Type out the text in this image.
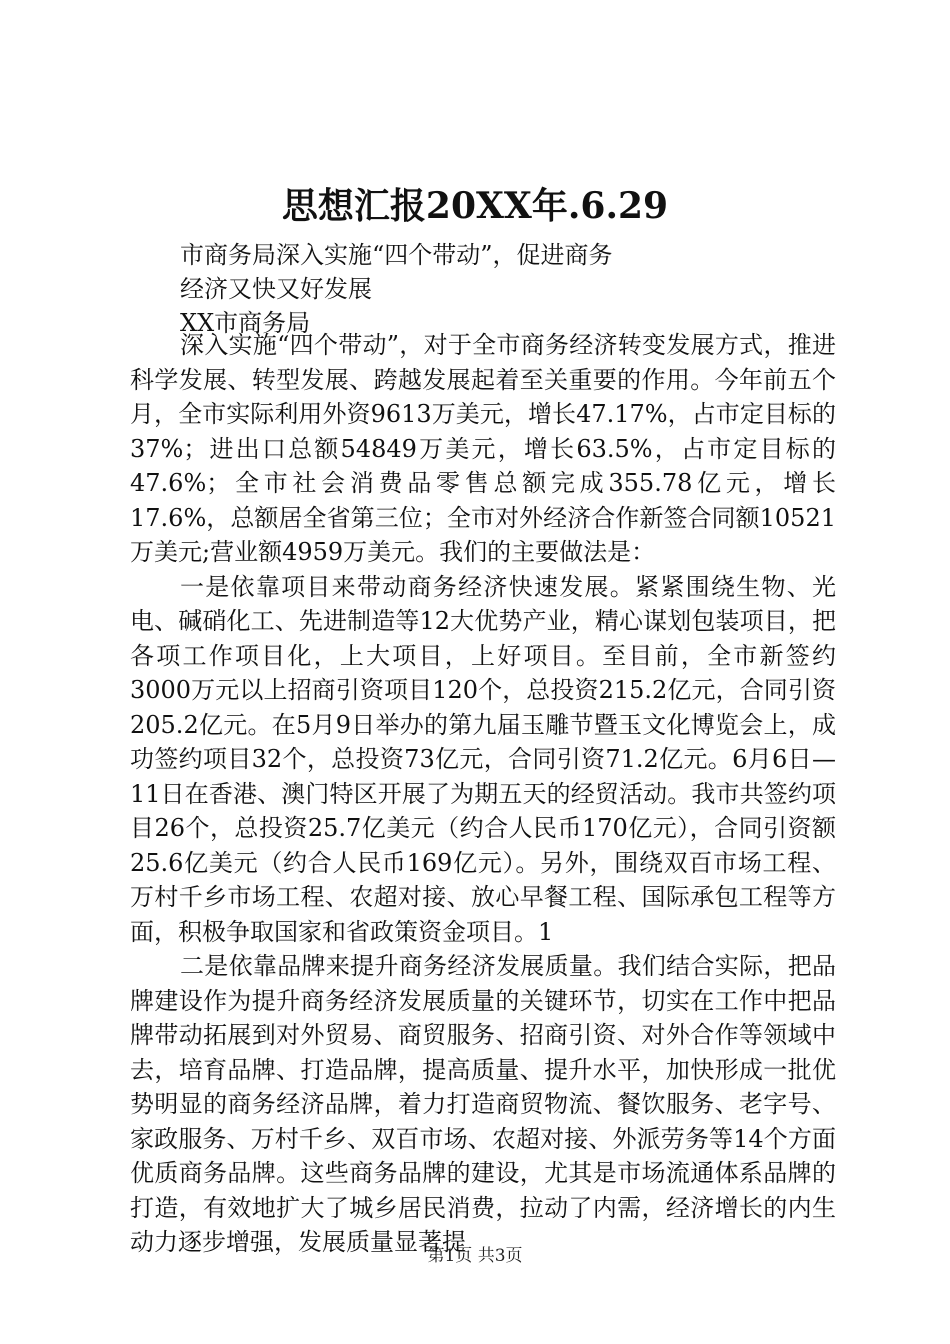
思想汇报20XX年.6.29
市商务局深入实施“四个带动”，促进商务
经济又快又好发展
XX市商务局

深入实施“四个带动”，对于全市商务经济转变发展方式，推进科学发展、转型发展、跨越发展起着至关重要的作用。今年前五个月，全市实际利用外资9613万美元，增长47.17%，占市定目标的37%；进出口总额54849万美元，增长63.5%，占市定目标的47.6%；全市社会消费品零售总额完成355.78亿元，增长17.6%，总额居全省第三位；全市对外经济合作新签合同额10521万美元;营业额4959万美元。我们的主要做法是：

一是依靠项目来带动商务经济快速发展。紧紧围绕生物、光电、碱硝化工、先进制造等12大优势产业，精心谋划包装项目，把各项工作项目化，上大项目，上好项目。至目前，全市新签约3000万元以上招商引资项目120个，总投资215.2亿元，合同引资205.2亿元。在5月9日举办的第九届玉雕节暨玉文化博览会上，成功签约项目32个，总投资73亿元，合同引资71.2亿元。6月6日—11日在香港、澳门特区开展了为期五天的经贸活动。我市共签约项目26个，总投资25.7亿美元（约合人民币170亿元），合同引资额25.6亿美元（约合人民币169亿元）。另外，围绕双百市场工程、万村千乡市场工程、农超对接、放心早餐工程、国际承包工程等方面，积极争取国家和省政策资金项目。1

二是依靠品牌来提升商务经济发展质量。我们结合实际，把品牌建设作为提升商务经济发展质量的关键环节，切实在工作中把品牌带动拓展到对外贸易、商贸服务、招商引资、对外合作等领域中去，培育品牌、打造品牌，提高质量、提升水平，加快形成一批优势明显的商务经济品牌，着力打造商贸物流、餐饮服务、老字号、家政服务、万村千乡、双百市场、农超对接、外派劳务等14个方面优质商务品牌。这些商务品牌的建设，尤其是市场流通体系品牌的打造，有效地扩大了城乡居民消费，拉动了内需，经济增长的内生动力逐步增强，发展质量显著提

第1页 共3页
